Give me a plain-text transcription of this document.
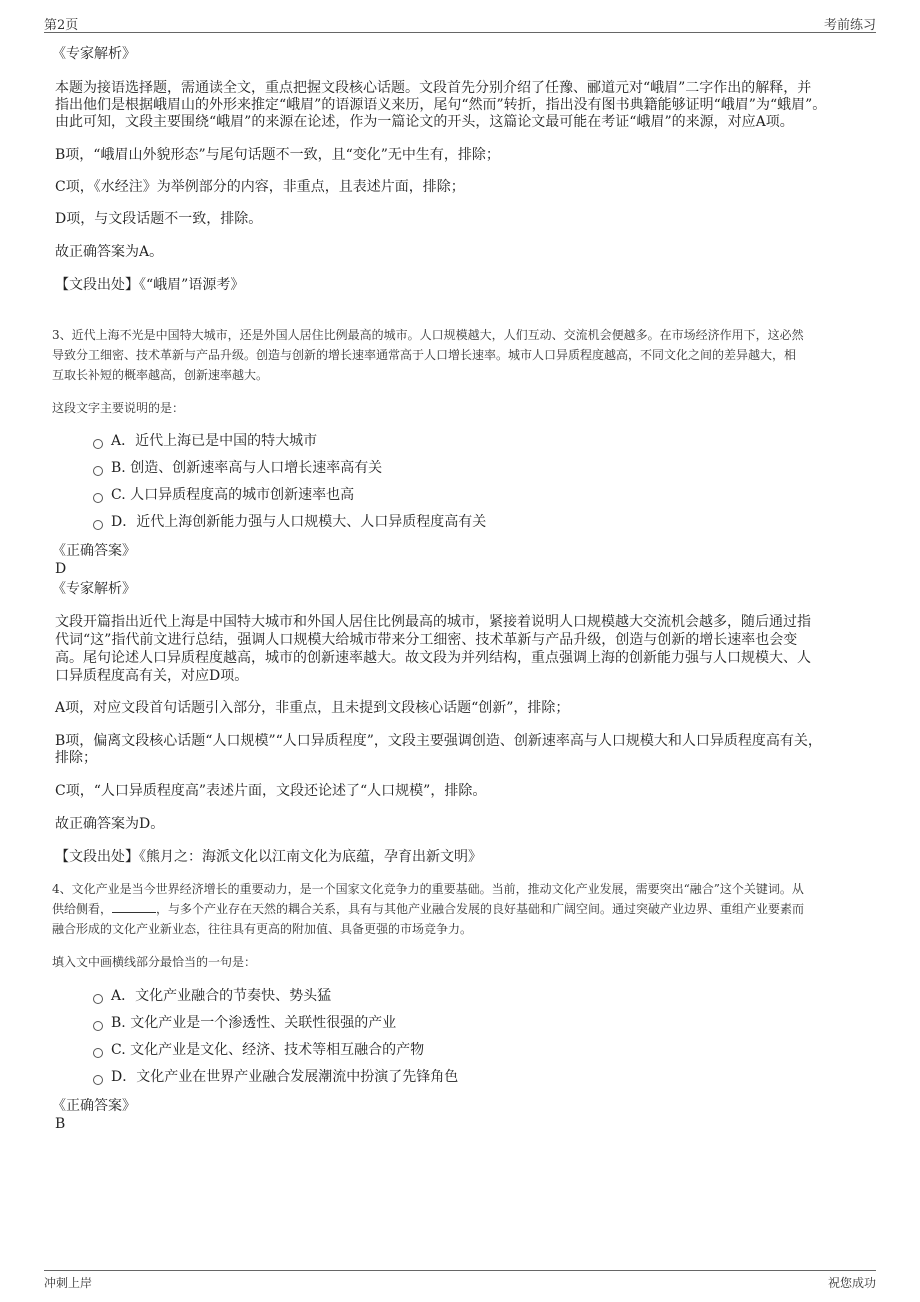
第2页	考前练习

《专家解析》

本题为接语选择题，需通读全文，重点把握文段核心话题。文段首先分别介绍了任豫、郦道元对“峨眉”二字作出的解释，并

指出他们是根据峨眉山的外形来推定“峨眉”的语源语义来历，尾句“然而”转折，指出没有图书典籍能够证明“峨眉”为“蛾眉”。

由此可知，文段主要围绕“峨眉”的来源在论述，作为一篇论文的开头，这篇论文最可能在考证“峨眉”的来源，对应A项。

B项，“峨眉山外貌形态”与尾句话题不一致，且“变化”无中生有，排除；

C项，《水经注》为举例部分的内容，非重点，且表述片面，排除；

D项，与文段话题不一致，排除。

故正确答案为A。

【文段出处】《“峨眉”语源考》

3、近代上海不光是中国特大城市，还是外国人居住比例最高的城市。人口规模越大，人们互动、交流机会便越多。在市场经济作用下，这必然

导致分工细密、技术革新与产品升级。创造与创新的增长速率通常高于人口增长速率。城市人口异质程度越高，不同文化之间的差异越大，相

互取长补短的概率越高，创新速率越大。

这段文字主要说明的是：

A．近代上海已是中国的特大城市
B. 创造、创新速率高与人口增长速率高有关
C. 人口异质程度高的城市创新速率也高
D．近代上海创新能力强与人口规模大、人口异质程度高有关

《正确答案》

D

《专家解析》

文段开篇指出近代上海是中国特大城市和外国人居住比例最高的城市，紧接着说明人口规模越大交流机会越多，随后通过指

代词“这”指代前文进行总结，强调人口规模大给城市带来分工细密、技术革新与产品升级，创造与创新的增长速率也会变

高。尾句论述人口异质程度越高，城市的创新速率越大。故文段为并列结构，重点强调上海的创新能力强与人口规模大、人

口异质程度高有关，对应D项。

A项，对应文段首句话题引入部分，非重点，且未提到文段核心话题“创新”，排除；

B项，偏离文段核心话题“人口规模”“人口异质程度”，文段主要强调创造、创新速率高与人口规模大和人口异质程度高有关，

排除；

C项，“人口异质程度高”表述片面，文段还论述了“人口规模”，排除。

故正确答案为D。

【文段出处】《熊月之：海派文化以江南文化为底蕴，孕育出新文明》

4、文化产业是当今世界经济增长的重要动力，是一个国家文化竞争力的重要基础。当前，推动文化产业发展，需要突出“融合”这个关键词。从

供给侧看，	，与多个产业存在天然的耦合关系，具有与其他产业融合发展的良好基础和广阔空间。通过突破产业边界、重组产业要素而

融合形成的文化产业新业态，往往具有更高的附加值、具备更强的市场竞争力。

填入文中画横线部分最恰当的一句是：

A．文化产业融合的节奏快、势头猛
B. 文化产业是一个渗透性、关联性很强的产业
C. 文化产业是文化、经济、技术等相互融合的产物
D．文化产业在世界产业融合发展潮流中扮演了先锋角色

《正确答案》

B

冲刺上岸	祝您成功
